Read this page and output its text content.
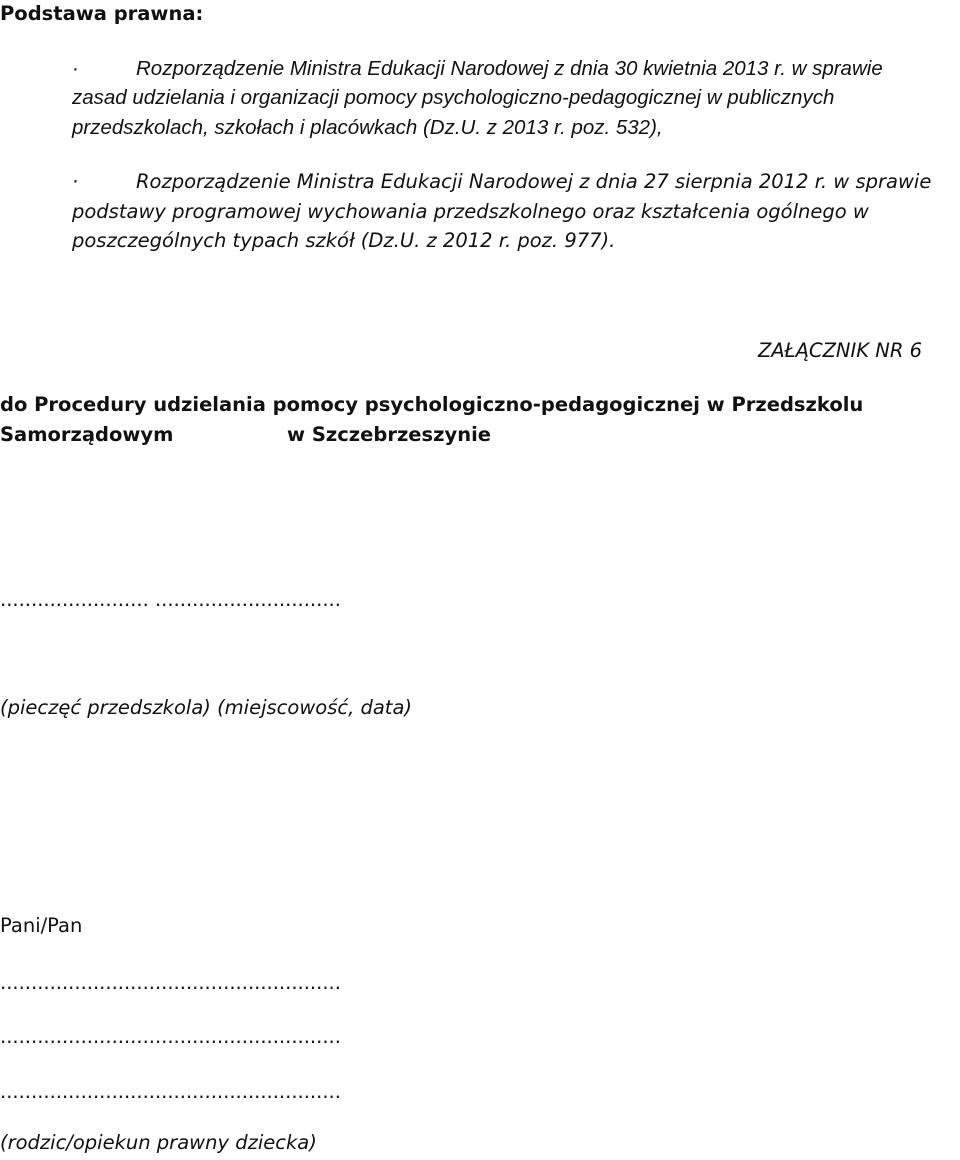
Podstawa prawna:
·	Rozporządzenie Ministra Edukacji Narodowej z dnia 30 kwietnia 2013 r. w sprawie
zasad udzielania i organizacji pomocy psychologiczno-pedagogicznej w publicznych
przedszkolach, szkołach i placówkach (Dz.U. z 2013 r. poz. 532),
·	Rozporządzenie Ministra Edukacji Narodowej z dnia 27 sierpnia 2012 r. w sprawie
podstawy programowej wychowania przedszkolnego oraz kształcenia ogólnego w
poszczególnych typach szkół (Dz.U. z 2012 r. poz. 977).
ZAŁĄCZNIK NR 6
do Procedury udzielania pomocy psychologiczno-pedagogicznej w Przedszkolu
Samorządowym	w Szczebrzeszynie
........................ ..............................
(pieczęć przedszkola) (miejscowość, data)
Pani/Pan
.......................................................
.......................................................
.......................................................
(rodzic/opiekun prawny dziecka)
